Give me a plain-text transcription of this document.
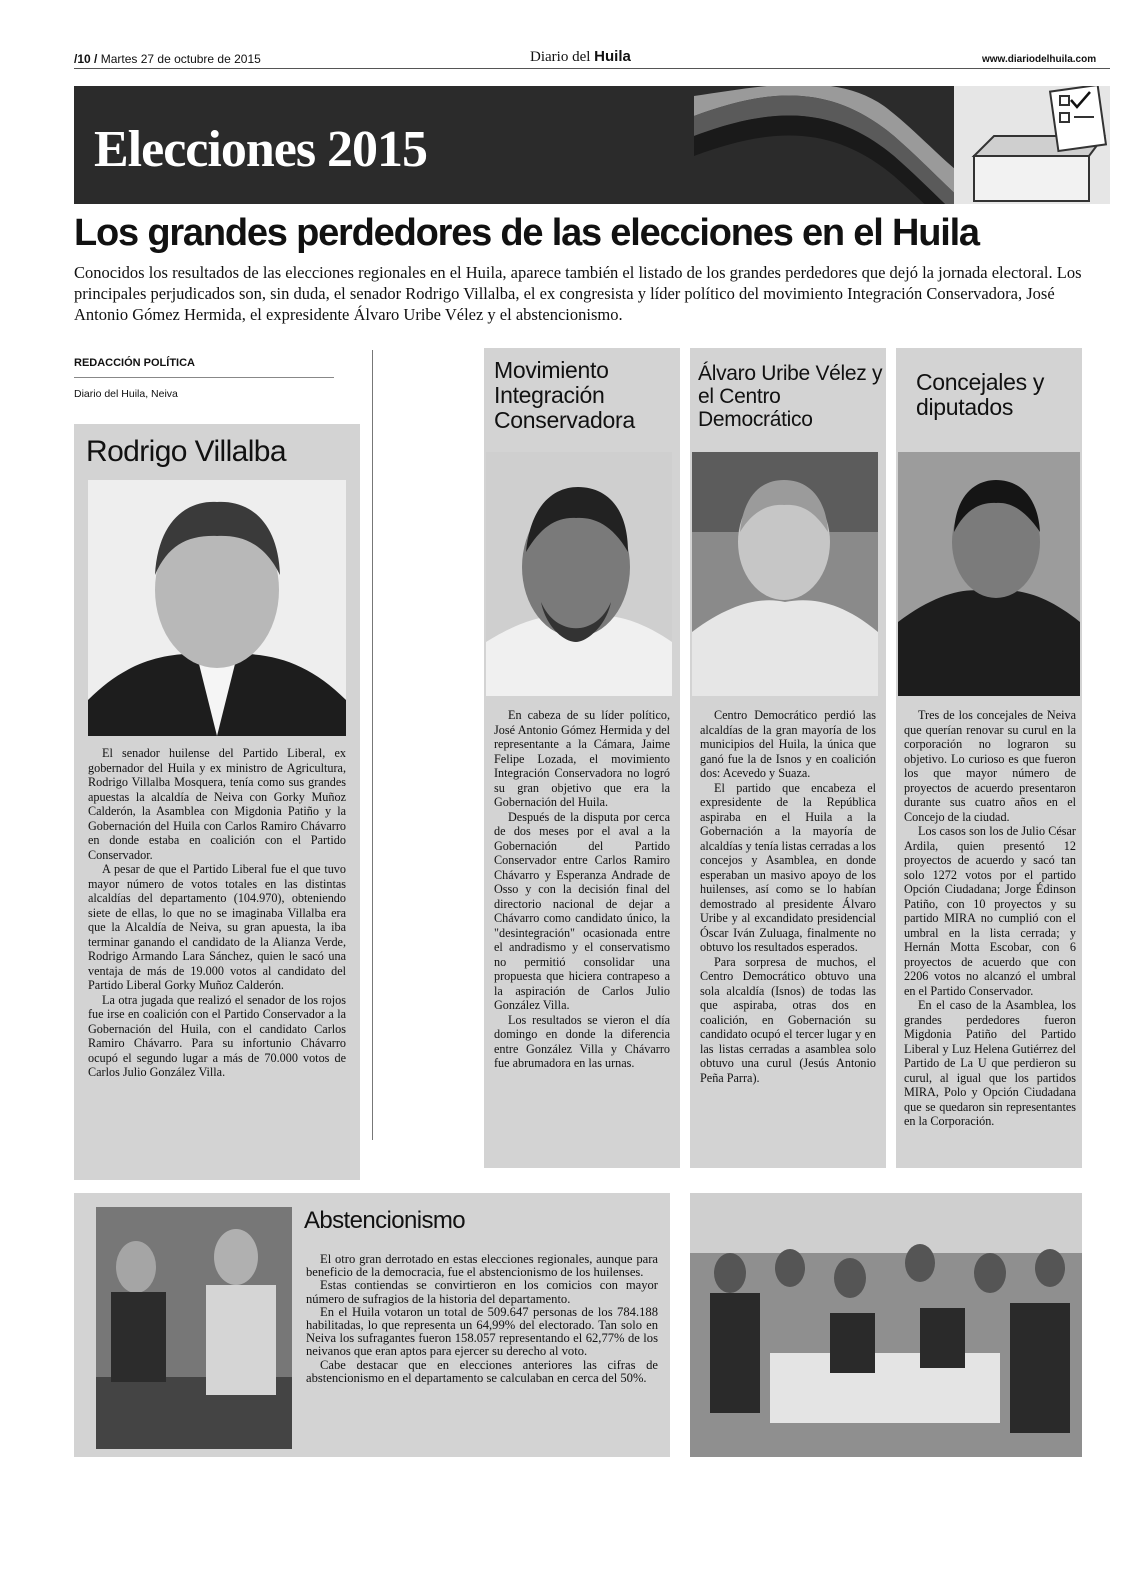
/10 / Martes 27 de octubre de 2015	Diario del Huila	www.diariodelhuila.com
Elecciones 2015
Los grandes perdedores de las elecciones en el Huila
Conocidos los resultados de las elecciones regionales en el Huila, aparece también el listado de los grandes perdedores que dejó la jornada electoral. Los principales perjudicados son, sin duda, el senador Rodrigo Villalba, el ex congresista y líder político del movimiento Integración Conservadora, José Antonio Gómez Hermida, el expresidente Álvaro Uribe Vélez y el abstencionismo.
REDACCIÓN POLÍTICA
Diario del Huila, Neiva
Rodrigo Villalba

El senador huilense del Partido Liberal, ex gobernador del Huila y ex ministro de Agricultura, Rodrigo Villalba Mosquera, tenía como sus grandes apuestas la alcaldía de Neiva con Gorky Muñoz Calderón, la Asamblea con Migdonia Patiño y la Gobernación del Huila con Carlos Ramiro Chávarro en donde estaba en coalición con el Partido Conservador.

A pesar de que el Partido Liberal fue el que tuvo mayor número de votos totales en las distintas alcaldías del departamento (104.970), obteniendo siete de ellas, lo que no se imaginaba Villalba era que la Alcaldía de Neiva, su gran apuesta, la iba terminar ganando el candidato de la Alianza Verde, Rodrigo Armando Lara Sánchez, quien le sacó una ventaja de más de 19.000 votos al candidato del Partido Liberal Gorky Muñoz Calderón.

La otra jugada que realizó el senador de los rojos fue irse en coalición con el Partido Conservador a la Gobernación del Huila, con el candidato Carlos Ramiro Chávarro. Para su infortunio Chávarro ocupó el segundo lugar a más de 70.000 votos de Carlos Julio González Villa.

Movimiento Integración Conservadora

En cabeza de su líder político, José Antonio Gómez Hermida y del representante a la Cámara, Jaime Felipe Lozada, el movimiento Integración Conservadora no logró su gran objetivo que era la Gobernación del Huila.

Después de la disputa por cerca de dos meses por el aval a la Gobernación del Partido Conservador entre Carlos Ramiro Chávarro y Esperanza Andrade de Osso y con la decisión final del directorio nacional de dejar a Chávarro como candidato único, la "desintegración" ocasionada entre el andradismo y el conservatismo no permitió consolidar una propuesta que hiciera contrapeso a la aspiración de Carlos Julio González Villa.

Los resultados se vieron el día domingo en donde la diferencia entre González Villa y Chávarro fue abrumadora en las urnas.

Álvaro Uribe Vélez y el Centro Democrático

Centro Democrático perdió las alcaldías de la gran mayoría de los municipios del Huila, la única que ganó fue la de Isnos y en coalición dos: Acevedo y Suaza.

El partido que encabeza el expresidente de la República aspiraba en el Huila a la Gobernación a la mayoría de alcaldías y tenía listas cerradas a los concejos y Asamblea, en donde esperaban un masivo apoyo de los huilenses, así como se lo habían demostrado al presidente Álvaro Uribe y al excandidato presidencial Óscar Iván Zuluaga, finalmente no obtuvo los resultados esperados.

Para sorpresa de muchos, el Centro Democrático obtuvo una sola alcaldía (Isnos) de todas las que aspiraba, otras dos en coalición, en Gobernación su candidato ocupó el tercer lugar y en las listas cerradas a asamblea solo obtuvo una curul (Jesús Antonio Peña Parra).

Concejales y diputados

Tres de los concejales de Neiva que querían renovar su curul en la corporación no lograron su objetivo. Lo curioso es que fueron los que mayor número de proyectos de acuerdo presentaron durante sus cuatro años en el Concejo de la ciudad.

Los casos son los de Julio César Ardila, quien presentó 12 proyectos de acuerdo y sacó tan solo 1272 votos por el partido Opción Ciudadana; Jorge Édinson Patiño, con 10 proyectos y su partido MIRA no cumplió con el umbral en la lista cerrada; y Hernán Motta Escobar, con 6 proyectos de acuerdo que con 2206 votos no alcanzó el umbral en el Partido Conservador.

En el caso de la Asamblea, los grandes perdedores fueron Migdonia Patiño del Partido Liberal y Luz Helena Gutiérrez del Partido de La U que perdieron su curul, al igual que los partidos MIRA, Polo y Opción Ciudadana que se quedaron sin representantes en la Corporación.

Abstencionismo

El otro gran derrotado en estas elecciones regionales, aunque para beneficio de la democracia, fue el abstencionismo de los huilenses.

Estas contiendas se convirtieron en los comicios con mayor número de sufragios de la historia del departamento.

En el Huila votaron un total de 509.647 personas de los 784.188 habilitadas, lo que representa un 64,99% del electorado. Tan solo en Neiva los sufragantes fueron 158.057 representando el 62,77% de los neivanos que eran aptos para ejercer su derecho al voto.

Cabe destacar que en elecciones anteriores las cifras de abstencionismo en el departamento se calculaban en cerca del 50%.
